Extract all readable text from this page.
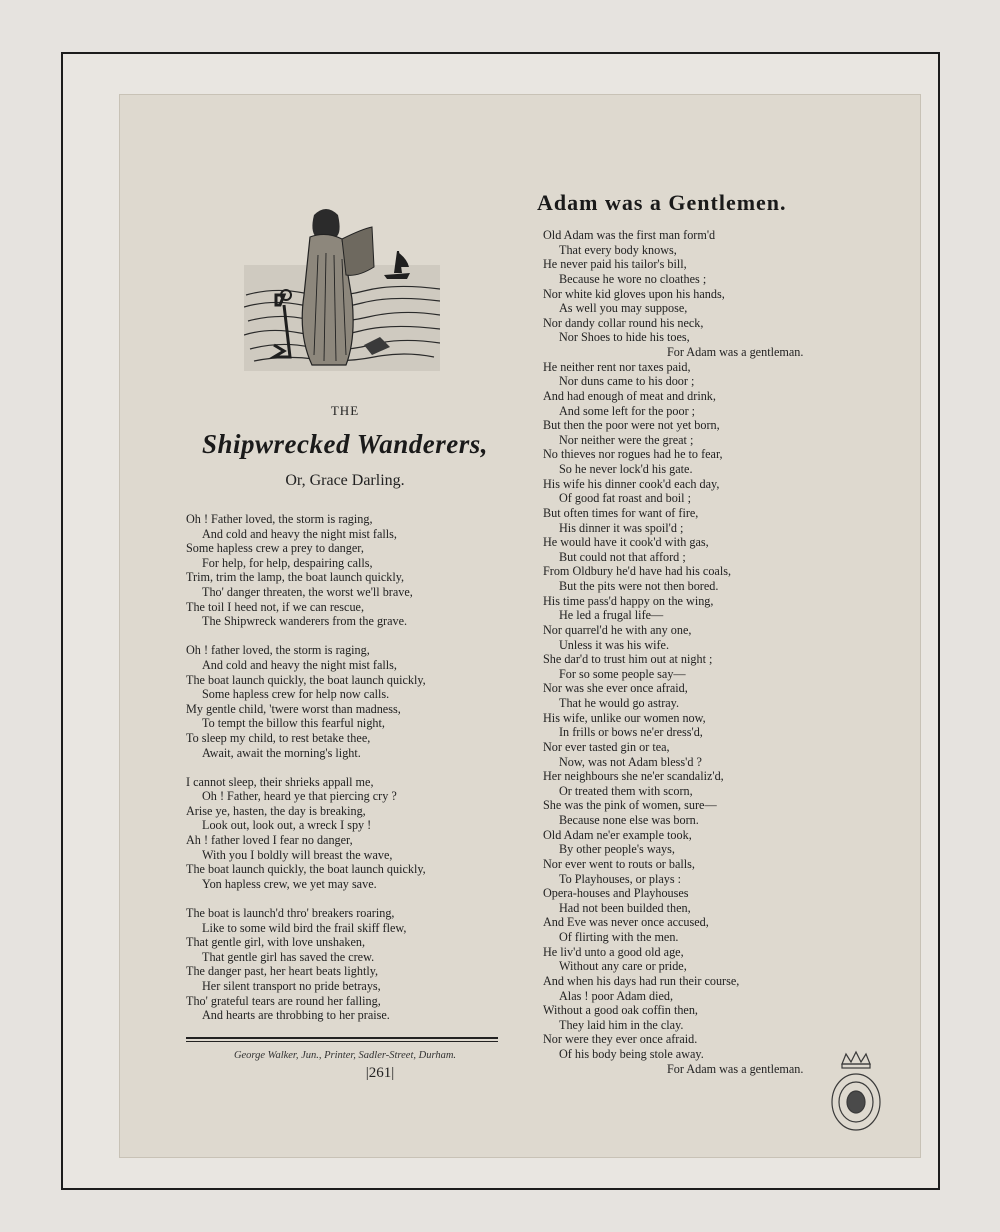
THE
Shipwrecked Wanderers,
Or, Grace Darling.
Oh ! Father loved, the storm is raging,
And cold and heavy the night mist falls,
Some hapless crew a prey to danger,
For help, for help, despairing calls,
Trim, trim the lamp, the boat launch quickly,
Tho' danger threaten, the worst we'll brave,
The toil I heed not, if we can rescue,
The Shipwreck wanderers from the grave.
Oh ! father loved, the storm is raging,
And cold and heavy the night mist falls,
The boat launch quickly, the boat launch quickly,
Some hapless crew for help now calls.
My gentle child, 'twere worst than madness,
To tempt the billow this fearful night,
To sleep my child, to rest betake thee,
Await, await the morning's light.
I cannot sleep, their shrieks appall me,
Oh ! Father, heard ye that piercing cry ?
Arise ye, hasten, the day is breaking,
Look out, look out, a wreck I spy !
Ah ! father loved I fear no danger,
With you I boldly will breast the wave,
The boat launch quickly, the boat launch quickly,
Yon hapless crew, we yet may save.
The boat is launch'd thro' breakers roaring,
Like to some wild bird the frail skiff flew,
That gentle girl, with love unshaken,
That gentle girl has saved the crew.
The danger past, her heart beats lightly,
Her silent transport no pride betrays,
Tho' grateful tears are round her falling,
And hearts are throbbing to her praise.
George Walker, Jun., Printer, Sadler-Street, Durham.
|261|
Adam was a Gentlemen.
Old Adam was the first man form'd
That every body knows,
He never paid his tailor's bill,
Because he wore no cloathes ;
Nor white kid gloves upon his hands,
As well you may suppose,
Nor dandy collar round his neck,
Nor Shoes to hide his toes,
For Adam was a gentleman.
He neither rent nor taxes paid,
Nor duns came to his door ;
And had enough of meat and drink,
And some left for the poor ;
But then the poor were not yet born,
Nor neither were the great ;
No thieves nor rogues had he to fear,
So he never lock'd his gate.
His wife his dinner cook'd each day,
Of good fat roast and boil ;
But often times for want of fire,
His dinner it was spoil'd ;
He would have it cook'd with gas,
But could not that afford ;
From Oldbury he'd have had his coals,
But the pits were not then bored.
His time pass'd happy on the wing,
He led a frugal life—
Nor quarrel'd he with any one,
Unless it was his wife.
She dar'd to trust him out at night ;
For so some people say—
Nor was she ever once afraid,
That he would go astray.
His wife, unlike our women now,
In frills or bows ne'er dress'd,
Nor ever tasted gin or tea,
Now, was not Adam bless'd ?
Her neighbours she ne'er scandaliz'd,
Or treated them with scorn,
She was the pink of women, sure—
Because none else was born.
Old Adam ne'er example took,
By other people's ways,
Nor ever went to routs or balls,
To Playhouses, or plays :
Opera-houses and Playhouses
Had not been builded then,
And Eve was never once accused,
Of flirting with the men.
He liv'd unto a good old age,
Without any care or pride,
And when his days had run their course,
Alas ! poor Adam died,
Without a good oak coffin then,
They laid him in the clay.
Nor were they ever once afraid.
Of his body being stole away.
For Adam was a gentleman.
